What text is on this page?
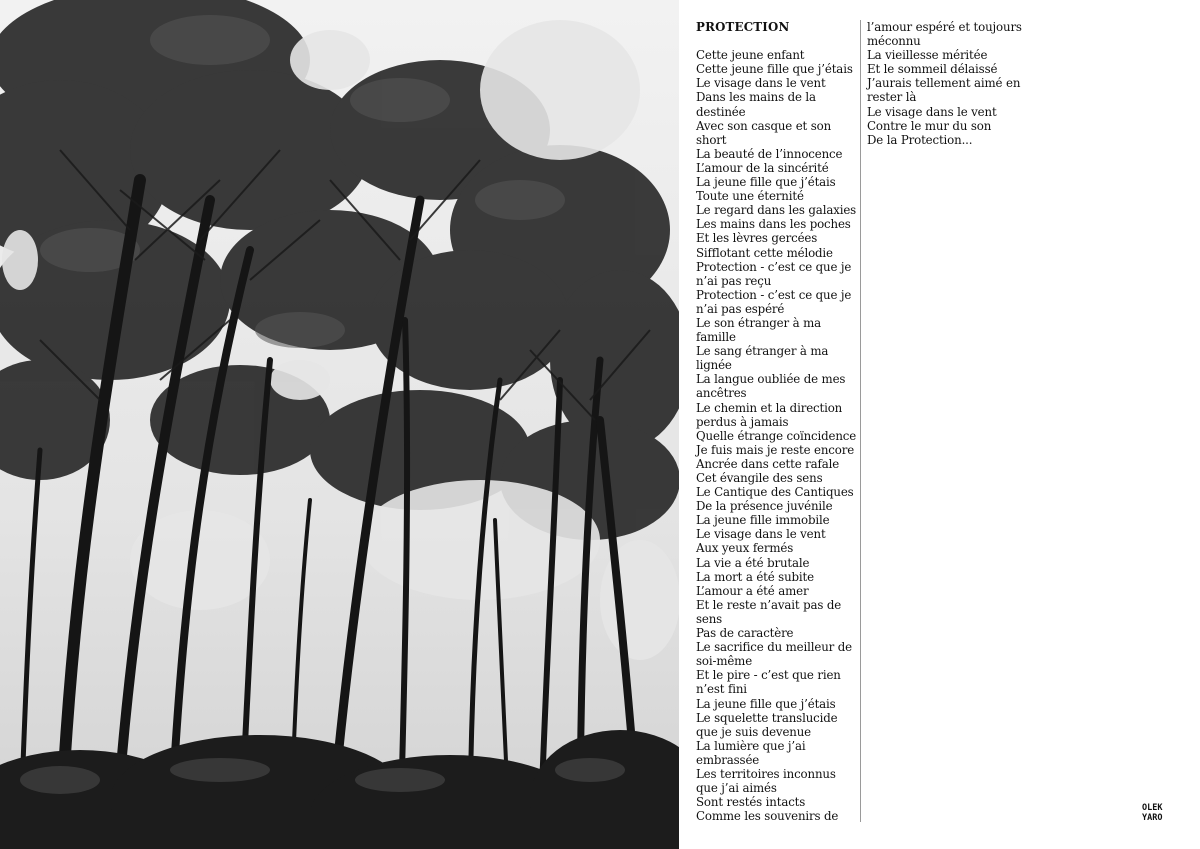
PROTECTION
Cette jeune enfant
Cette jeune fille que j’étais
Le visage dans le vent
Dans les mains de la
destinée
Avec son casque et son
short
La beauté de l’innocence
L’amour de la sincérité
La jeune fille que j’étais
Toute une éternité
Le regard dans les galaxies
Les mains dans les poches
Et les lèvres gercées
Sifflotant cette mélodie
Protection - c’est ce que je
n’ai pas reçu
Protection - c’est ce que je
n’ai pas espéré
Le son étranger à ma
famille
Le sang étranger à ma
lignée
La langue oubliée de mes
ancêtres
Le chemin et la direction
perdus à jamais
Quelle étrange coïncidence
Je fuis mais je reste encore
Ancrée dans cette rafale
Cet évangile des sens
Le Cantique des Cantiques
De la présence juvénile
La jeune fille immobile
Le visage dans le vent
Aux yeux fermés
La vie a été brutale
La mort a été subite
L’amour a été amer
Et le reste n’avait pas de
sens
Pas de caractère
Le sacrifice du meilleur de
soi-même
Et le pire - c’est que rien
n’est fini
La jeune fille que j’étais
Le squelette translucide
que je suis devenue
La lumière que j’ai
embrassée
Les territoires inconnus
que j’ai aimés
Sont restés intacts
Comme les souvenirs de
l’amour espéré et toujours
méconnu
La vieillesse méritée
Et le sommeil délaissé
J’aurais tellement aimé en
rester là
Le visage dans le vent
Contre le mur du son
De la Protection...
OLEK
YARO
